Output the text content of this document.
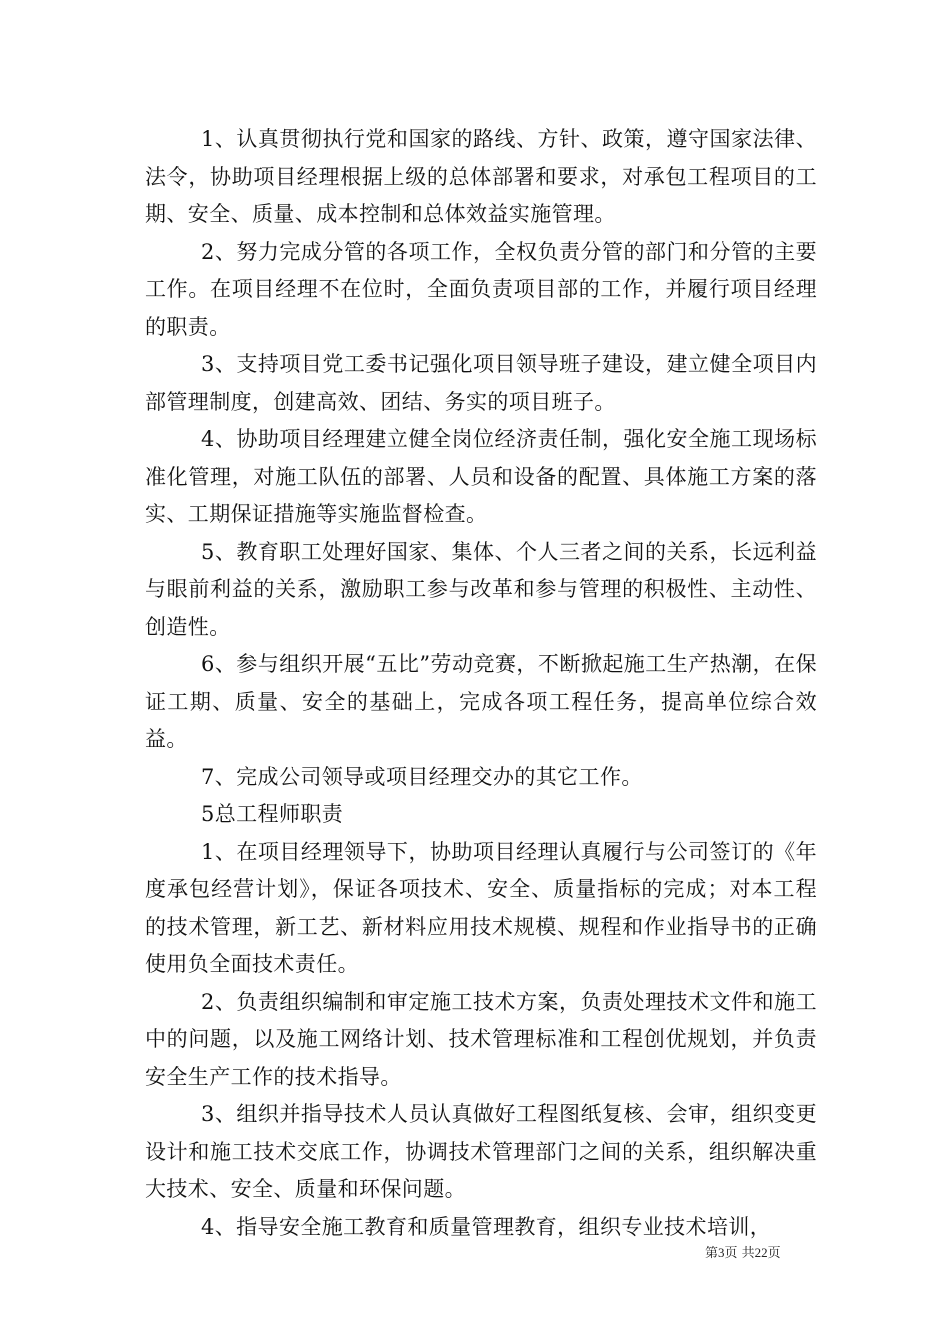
1、认真贯彻执行党和国家的路线、方针、政策，遵守国家法律、法令，协助项目经理根据上级的总体部署和要求，对承包工程项目的工期、安全、质量、成本控制和总体效益实施管理。

2、努力完成分管的各项工作，全权负责分管的部门和分管的主要工作。在项目经理不在位时，全面负责项目部的工作，并履行项目经理的职责。

3、支持项目党工委书记强化项目领导班子建设，建立健全项目内部管理制度，创建高效、团结、务实的项目班子。

4、协助项目经理建立健全岗位经济责任制，强化安全施工现场标准化管理，对施工队伍的部署、人员和设备的配置、具体施工方案的落实、工期保证措施等实施监督检查。

5、教育职工处理好国家、集体、个人三者之间的关系，长远利益与眼前利益的关系，激励职工参与改革和参与管理的积极性、主动性、创造性。

6、参与组织开展“五比”劳动竞赛，不断掀起施工生产热潮，在保证工期、质量、安全的基础上，完成各项工程任务，提高单位综合效益。

7、完成公司领导或项目经理交办的其它工作。

5总工程师职责

1、在项目经理领导下，协助项目经理认真履行与公司签订的《年度承包经营计划》，保证各项技术、安全、质量指标的完成；对本工程的技术管理，新工艺、新材料应用技术规模、规程和作业指导书的正确使用负全面技术责任。

2、负责组织编制和审定施工技术方案，负责处理技术文件和施工中的问题，以及施工网络计划、技术管理标准和工程创优规划，并负责安全生产工作的技术指导。

3、组织并指导技术人员认真做好工程图纸复核、会审，组织变更设计和施工技术交底工作，协调技术管理部门之间的关系，组织解决重大技术、安全、质量和环保问题。

4、指导安全施工教育和质量管理教育，组织专业技术培训，

第3页 共22页
